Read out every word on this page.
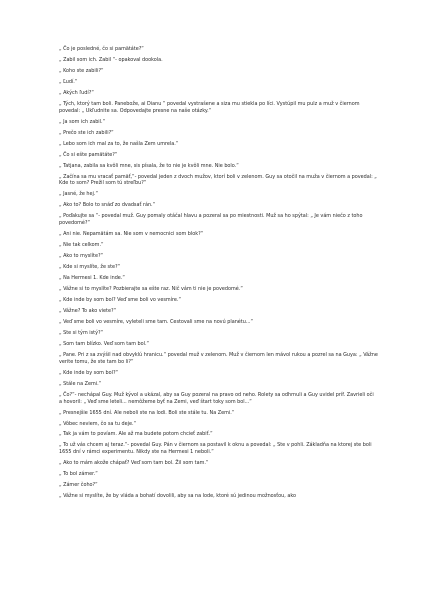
„ Čo je posledné, čo si pamätáte?“

„ Zabil som ich. Zabil “- opakoval dookola.

„ Koho ste zabili?“

„ Ľudí.“

„ Akých ľudí?“

„ Tých, ktorý tam boli. Panebože, ai Dianu “ povedal vystrašene a siza mu stiekla po líci. Vystúpil mu pulz a muž v čiernom povedal: „ Ukľudnite sa. Odpovedajte presne na naše otázky.“

„ Ja som ich zabil.“

„ Prečo ste ich zabili?“

„ Lebo som ich mal za to, že našla Zem umrela.“

„ Čo si ešte pamätáte?“

„ Tatjana, zabila sa kvôli mne, sis písala, že to nie je kvôli mne. Nie bolo.“

„ Začína sa mu vracať pamäť,“- povedal jeden z dvoch mužov, ktorí boli v zelenom. Guy sa otočil na muža v čiernom a povedal: „ Kde to som? Prežil som tú streľbu?“

„ Jasné, že hej.“

„ Ako to? Bolo to snáď zo dvadsať rán.“

„ Poďakujte sa “- povedal muž. Guy pomaly otáčal hlavu a pozeral sa po miestnosti. Muž sa ho spýtal: „ Je vám niečo z toho povedomé?“

„ Ani nie. Nepamätám sa. Nie som v nemocnici som blok?“

„ Nie tak celkom.“

„ Ako to myslíte?“

„ Kde si myslíte, že ste?“

„ Na Hermesi 1. Kde inde.“

„ Vážne si to myslíte? Pozbierajte sa ešte raz. Nič vám ti nie je povedomé.“

„ Kde inde by som bol? Veď sme boli vo vesmíre.“

„ Vážne? To ako viete?“

„ Veď sme boli vo vesmíre, vyleteli sme tam. Cestovali sme na novú planétu...“

„ Ste si tým istý?“

„ Som tam blízko. Veď som tam bol.“

„ Pane. Pri z sa zvýšil nad obvyklú hranicu.“ povedal muž v zelenom. Muž v čiernom len mávol rukou a pozrel sa na Guya: „ Vážne verite tomu, že ste tam bo li?“

„ Kde inde by som bol?“

„ Stále na Zemi.“

„ Čo?“- nechápal Guy. Muž kývol a ukázal, aby sa Guy pozeral na pravo od neho. Rolety sa odhrnuli a Guy uvidel príf. Zavrieli oči a hovoril: „ Veď sme leteli... nemôžeme byť na Zemi, veď štart toky som bol...“

„ Presnejšie 1655 dní. Ale neboli ste na lodi. Boli ste stále tu. Na Zemi.“

„ Vôbec neviem, čo sa tu deje.“

„ Tak ja vám to povíam. Ale až ma budete potom chcieť zabiť.“

„ To už vás chcem aj teraz.“- povedal Guy. Pán v čiernom sa postavil k oknu a povedal: „ Ste v pohli. Základňa na ktorej ste boli 1655 dní v rámci experimentu. Nikdy ste na Hermesi 1 neboli.“

„ Ako to mám akože chápať? Veď som tam bol. Žil som tam.“

„ To bol zámer.“

„ Zámer čoho?“

„ Vážne si myslíte, že by vláda a bohatí dovolili, aby sa na lode, ktoré sú jedinou možnosťou, ako
